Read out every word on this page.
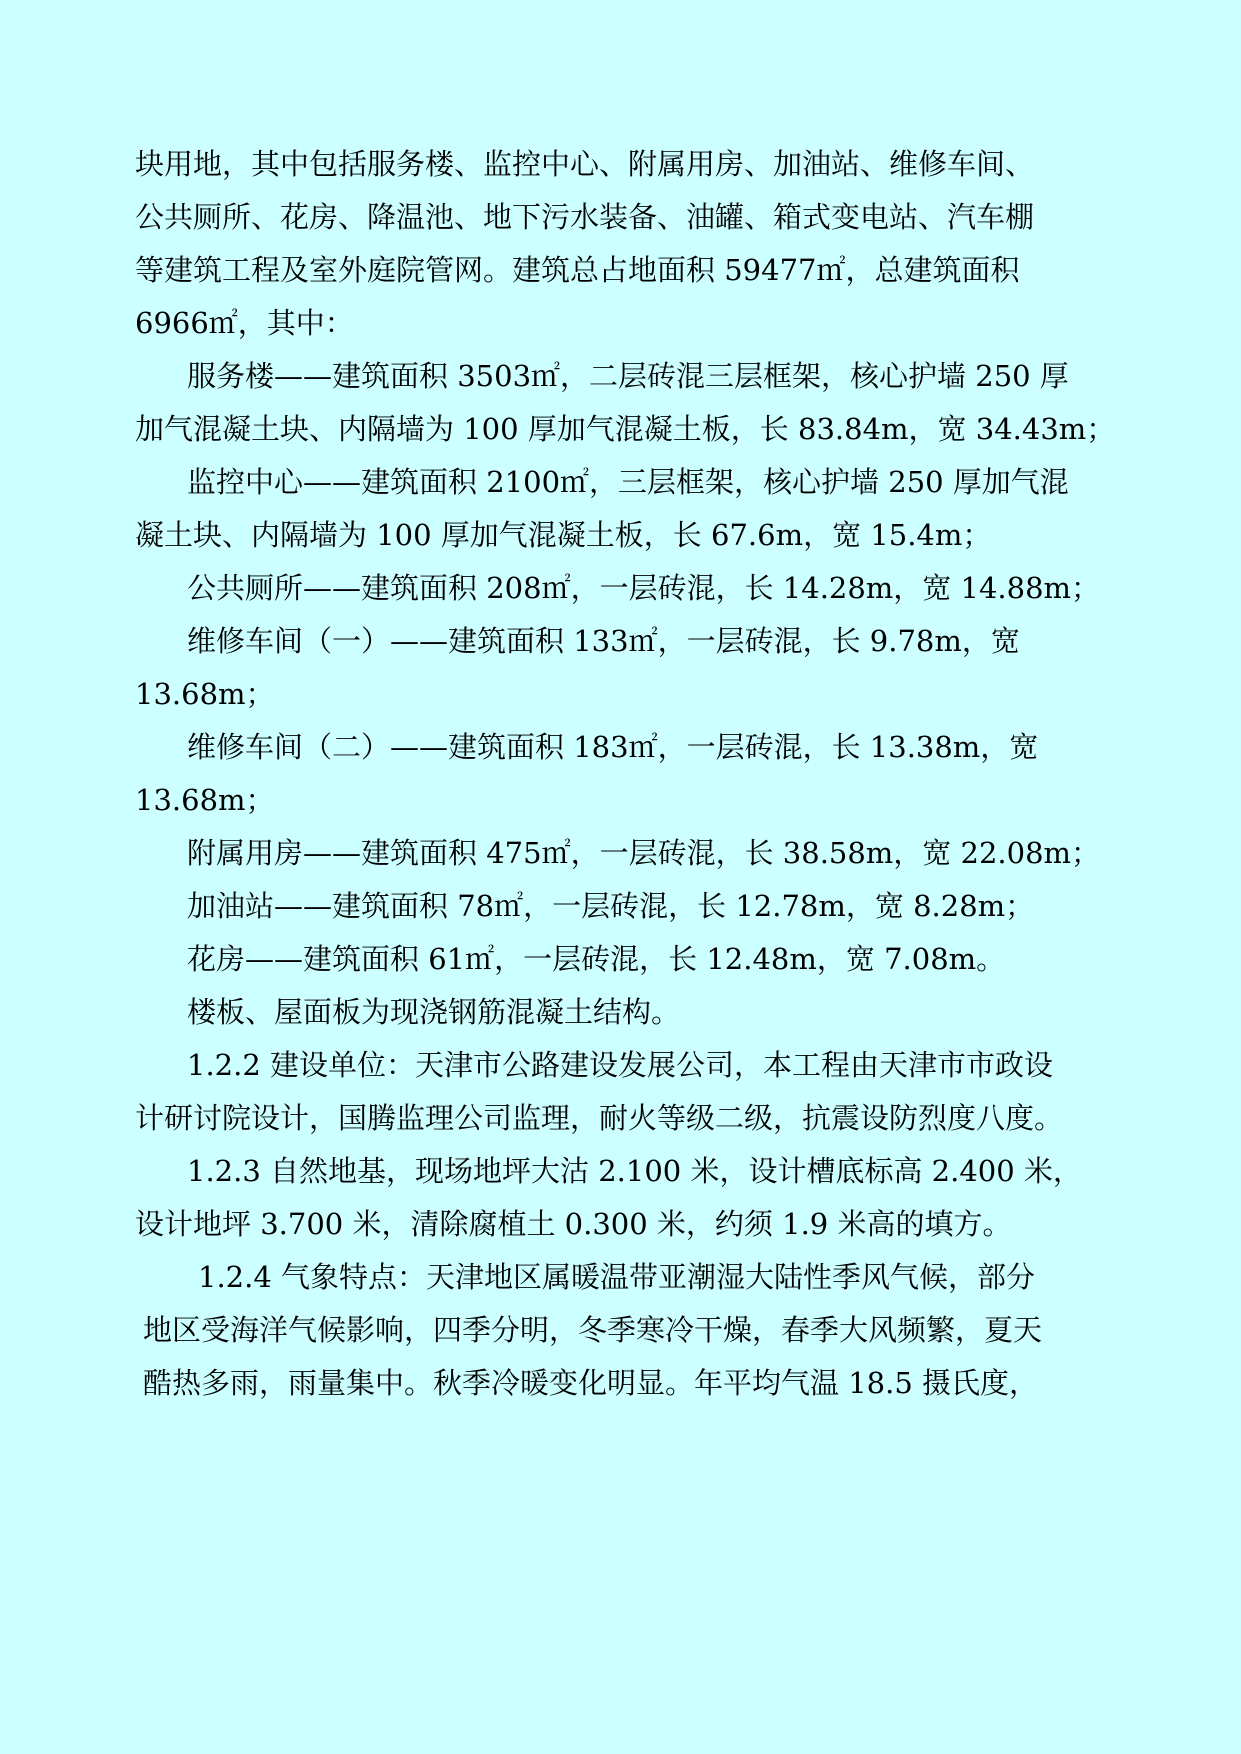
块用地，其中包括服务楼、监控中心、附属用房、加油站、维修车间、
公共厕所、花房、降温池、地下污水装备、油罐、箱式变电站、汽车棚
等建筑工程及室外庭院管网。建筑总占地面积 59477㎡，总建筑面积
6966㎡，其中：
服务楼——建筑面积 3503㎡，二层砖混三层框架，核心护墙 250 厚
加气混凝土块、内隔墙为 100 厚加气混凝土板，长 83.84m，宽 34.43m；
监控中心——建筑面积 2100㎡，三层框架，核心护墙 250 厚加气混
凝土块、内隔墙为 100 厚加气混凝土板，长 67.6m，宽 15.4m；
公共厕所——建筑面积 208㎡，一层砖混，长 14.28m，宽 14.88m；
维修车间（一）——建筑面积 133㎡，一层砖混，长 9.78m，宽
13.68m；
维修车间（二）——建筑面积 183㎡，一层砖混，长 13.38m，宽
13.68m；
附属用房——建筑面积 475㎡，一层砖混，长 38.58m，宽 22.08m；
加油站——建筑面积 78㎡，一层砖混，长 12.78m，宽 8.28m；
花房——建筑面积 61㎡，一层砖混，长 12.48m，宽 7.08m。
楼板、屋面板为现浇钢筋混凝土结构。
1.2.2 建设单位：天津市公路建设发展公司，本工程由天津市市政设
计研讨院设计，国腾监理公司监理，耐火等级二级，抗震设防烈度八度。
1.2.3 自然地基，现场地坪大沽 2.100 米，设计槽底标高 2.400 米，
设计地坪 3.700 米，清除腐植土 0.300 米，约须 1.9 米高的填方。
1.2.4 气象特点：天津地区属暖温带亚潮湿大陆性季风气候，部分
地区受海洋气候影响，四季分明，冬季寒冷干燥，春季大风频繁，夏天
酷热多雨，雨量集中。秋季冷暖变化明显。年平均气温 18.5 摄氏度，
